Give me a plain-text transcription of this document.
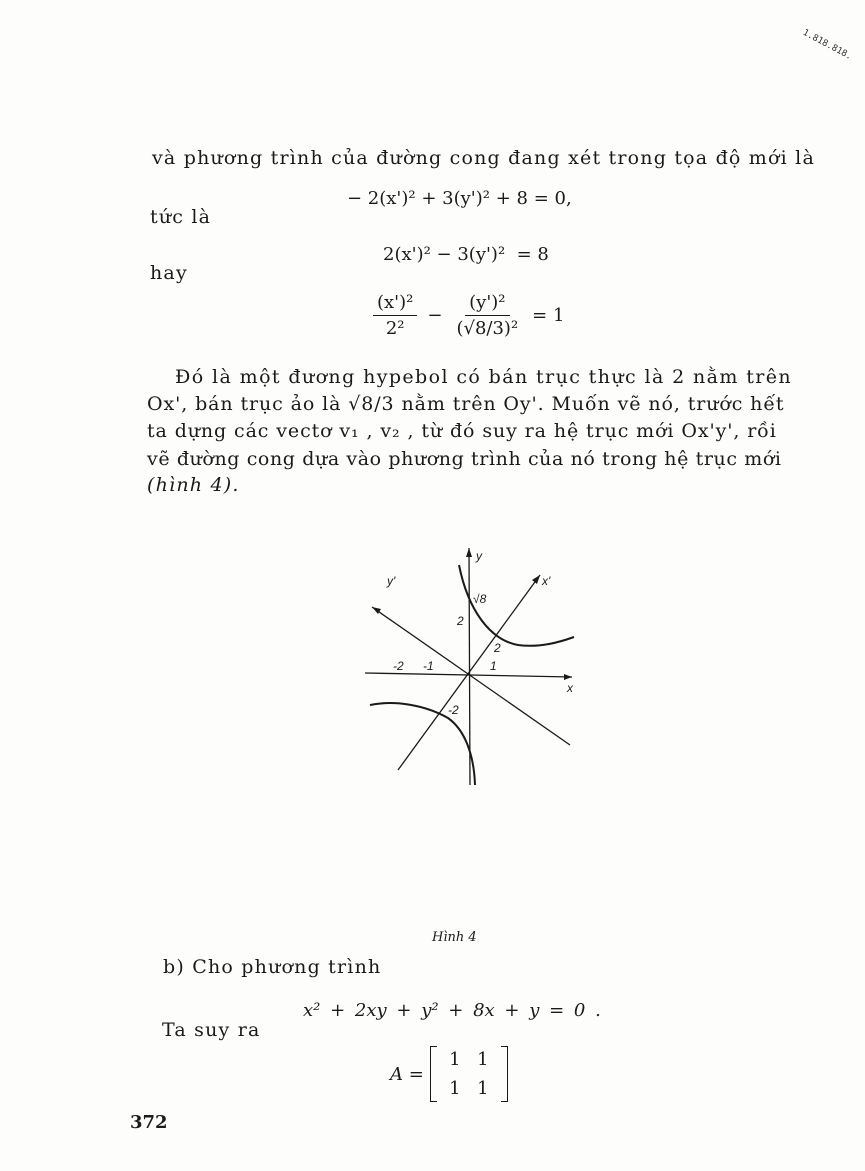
1.818.818.
và phương trình của đường cong đang xét trong tọa độ mới là
− 2(x')² + 3(y')² + 8 = 0,
tức là
2(x')² − 3(y')² = 8
hay
$\frac{\text{(x')²}}{\text{2²}} - \frac{\text{(y')²}}{\text{(√8/3)²}} = 1$
Đó là một đương hypebol có bán trục thực là 2 nằm trên
Ox', bán trục ảo là √8/3 nằm trên Oy'. Muốn vẽ nó, trước hết
ta dựng các vectơ v₁ , v₂ , từ đó suy ra hệ trục mới Ox'y', rồi
vẽ đường cong dựa vào phương trình của nó trong hệ trục mới
(hình 4).
y
x
y'	x'
√8
2
2
1
-2 -1
-2
Hình 4
b) Cho phương trình
x² + 2xy + y² + 8x + y = 0 .
Ta suy ra
A =
1 1
1 1
372
